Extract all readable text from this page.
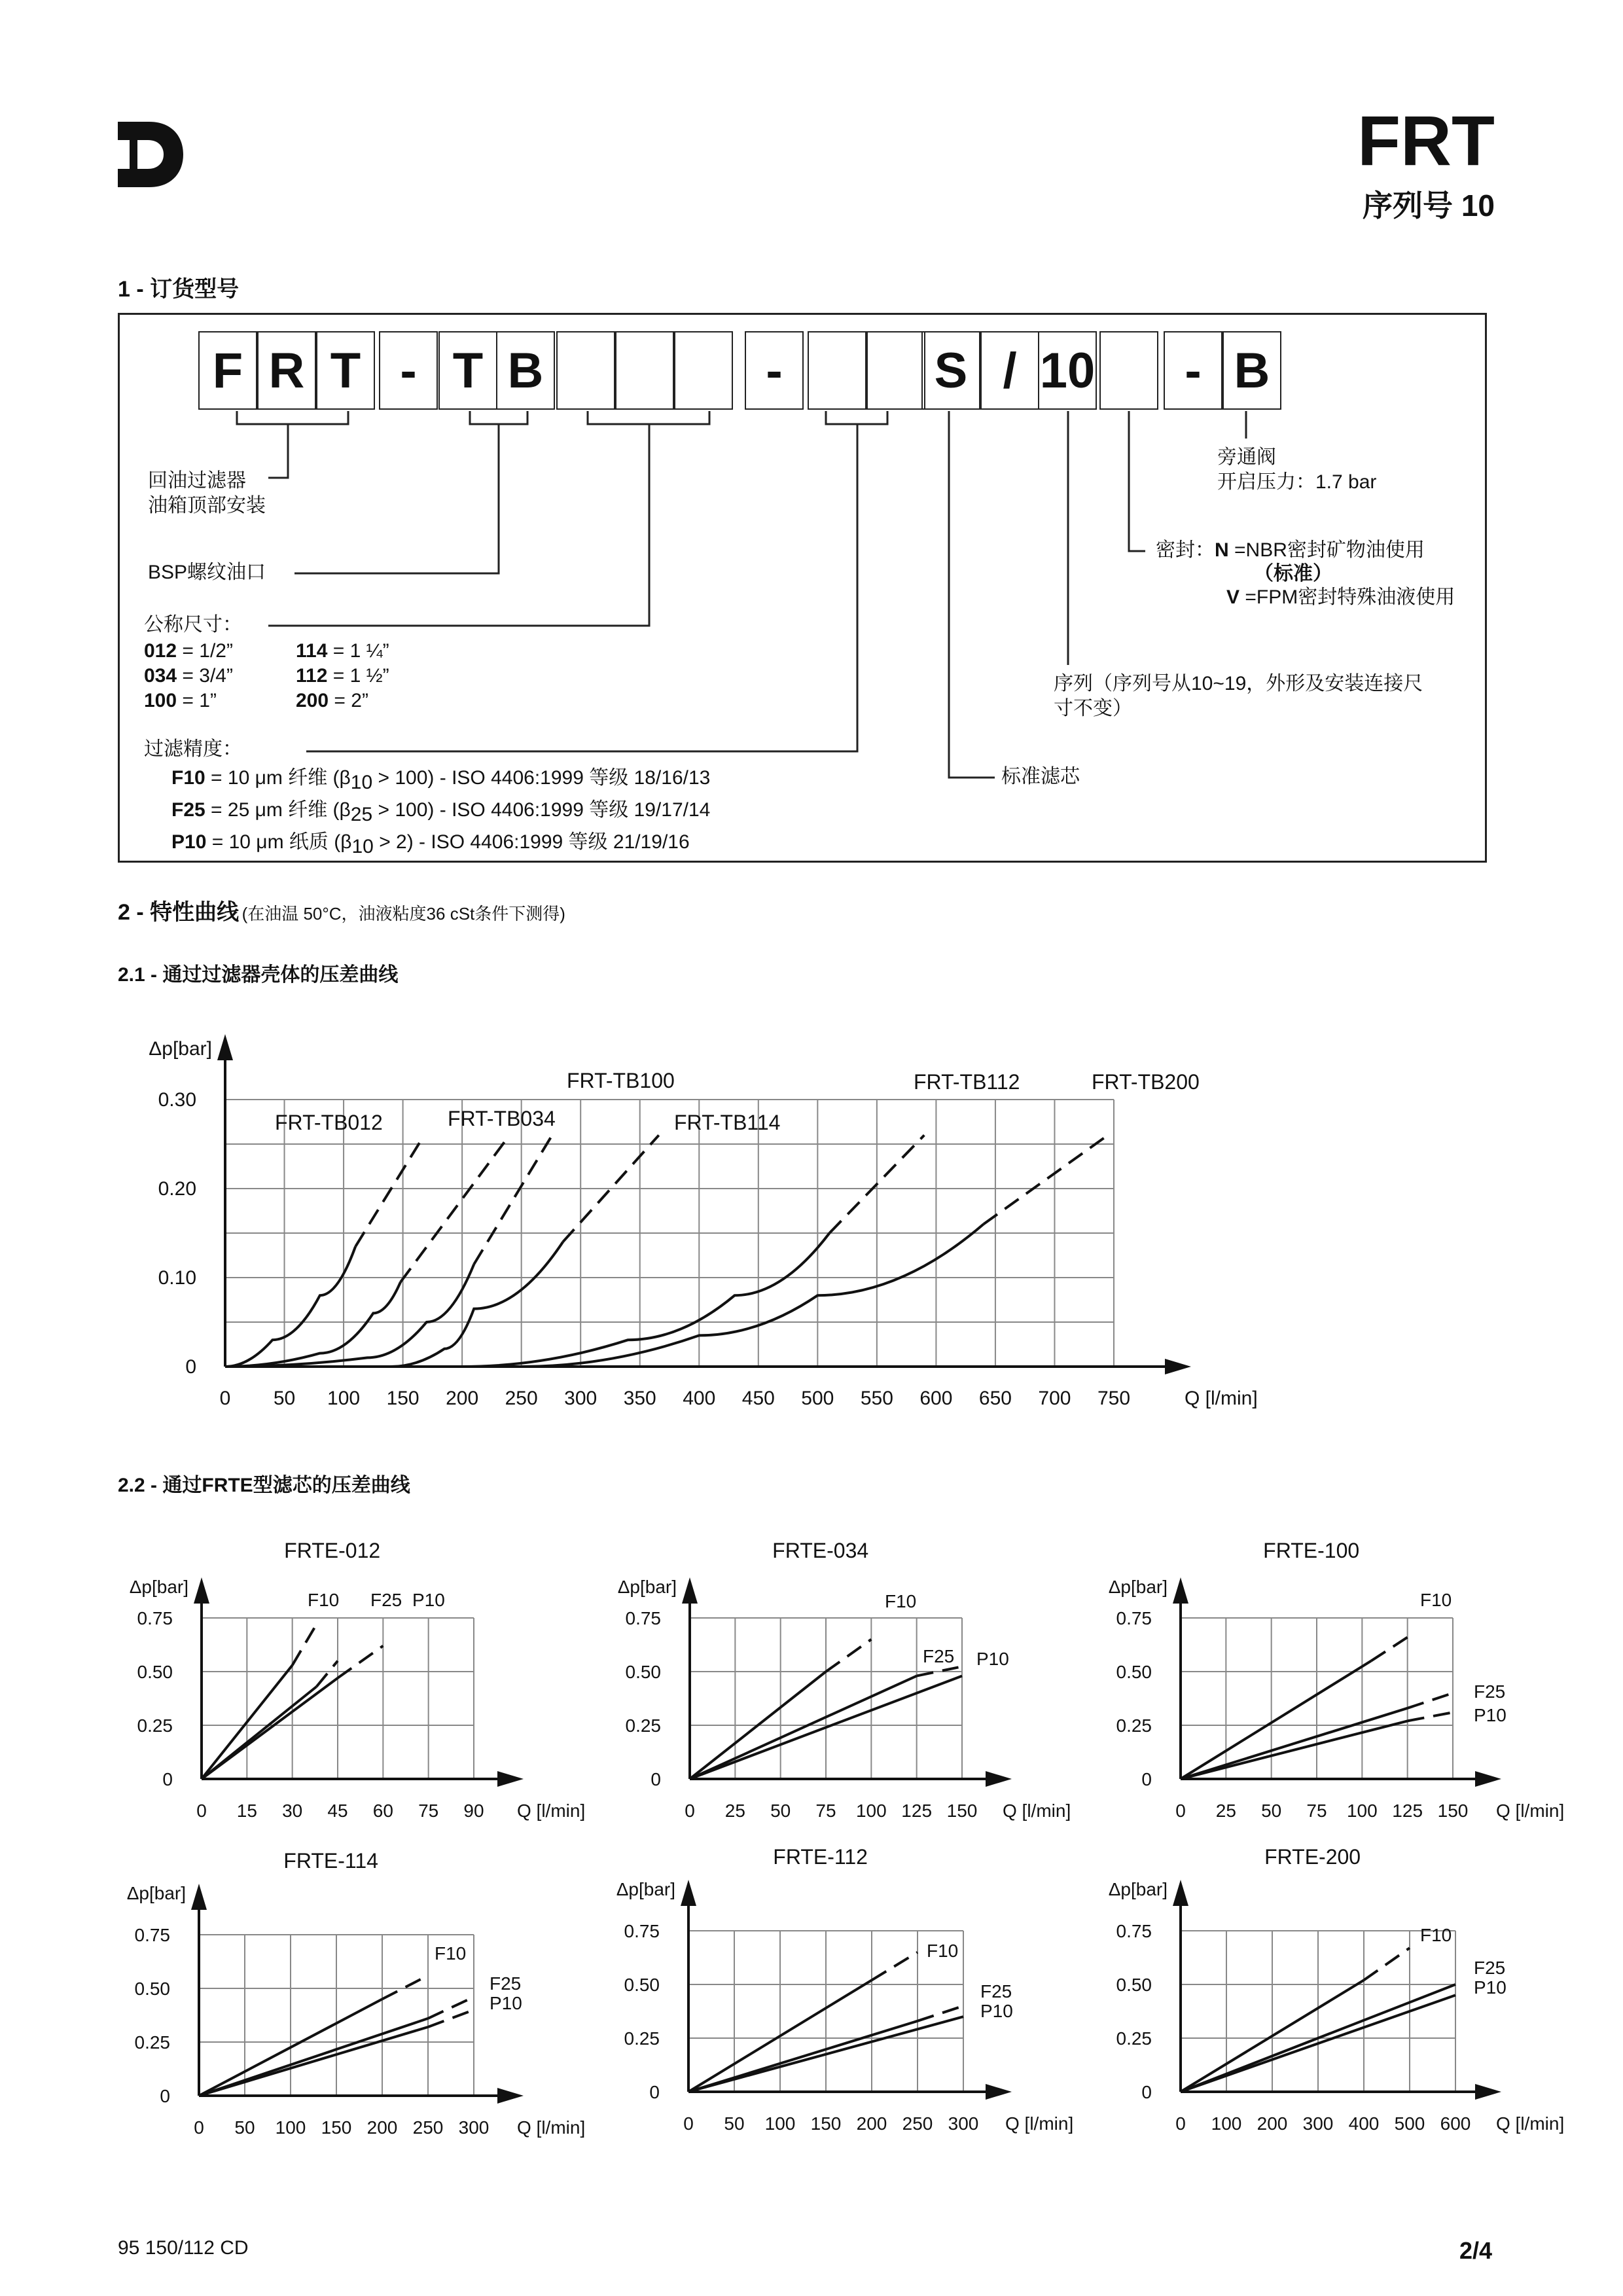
FRT
序列号 10
1 - 订货型号
F R T - T B	-	S / 10	- B
回油过滤器
油箱顶部安装
BSP螺纹油口
公称尺寸：
012 = 1/2”
034 = 3/4”
100 = 1”
114 = 1 ¼”
112 = 1 ½”
200 = 2”
过滤精度：
F10 = 10 μm 纤维 $(\beta_{10} > 100)$ - ISO 4406:1999 等级 18/16/13
F25 = 25 μm 纤维 $(\beta_{25} > 100)$ - ISO 4406:1999 等级 19/17/14
P10 = 10 μm 纸质 $(\beta_{10} > 2)$ - ISO 4406:1999 等级 21/19/16
旁通阀
开启压力：1.7 bar
密封：N =NBR密封矿物油使用
（标准）
V =FPM密封特殊油液使用
序列（序列号从10~19，外形及安装连接尺
寸不变）
标准滤芯
2 - 特性曲线 (在油温 50°C，油液粘度36 cSt条件下测得)
2.1 - 通过过滤器壳体的压差曲线
2.2 - 通过FRTE型滤芯的压差曲线
0 50 100 150 200 250 300 350 400 450 500 550 600 650 700 750
0
0.10
0.20
0.30
Δp[bar]
Q [l/min]
FRT-TB012	FRT-TB034
FRT-TB100
FRT-TB114
FRT-TB112	FRT-TB200
0 15 30 45 60 75 90
0
0.25
0.50
0.75
Δp[bar]
Q [l/min]
FRTE-012
F10 F25 P10
0 25 50 75 100 125 150
0
0.25
0.50
0.75
Δp[bar]
Q [l/min]
FRTE-034
F10
F25 P10
0 25 50 75 100 125 150
0
0.25
0.50
0.75
Δp[bar]
Q [l/min]
FRTE-100
F10
F25
P10
0 50 100 150 200 250 300
0
0.25
0.50
0.75
Δp[bar]
Q [l/min]
FRTE-114
F10
F25
P10
0 50 100 150 200 250 300
0
0.25
0.50
0.75
Δp[bar]
Q [l/min]
FRTE-112
F10
F25
P10
0 100 200 300 400 500 600
0
0.25
0.50
0.75
Δp[bar]
Q [l/min]
FRTE-200
F10
F25
P10
95 150/112 CD	2/4
